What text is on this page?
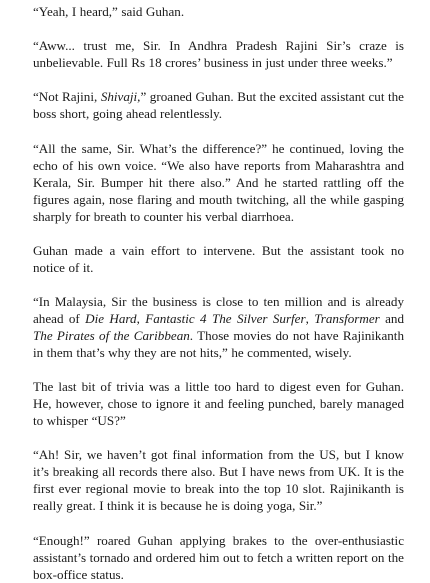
“Yeah, I heard,” said Guhan.

“Aww... trust me, Sir. In Andhra Pradesh Rajini Sir’s craze is unbelievable. Full Rs 18 crores’ business in just under three weeks.”

“Not Rajini, Shivaji,” groaned Guhan. But the excited assistant cut the boss short, going ahead relentlessly.

“All the same, Sir. What’s the difference?” he continued, loving the echo of his own voice. “We also have reports from Maharashtra and Kerala, Sir. Bumper hit there also.” And he started rattling off the figures again, nose flaring and mouth twitching, all the while gasping sharply for breath to counter his verbal diarrhoea.

Guhan made a vain effort to intervene. But the assistant took no notice of it.

“In Malaysia, Sir the business is close to ten million and is already ahead of Die Hard, Fantastic 4 The Silver Surfer, Transformer and The Pirates of the Caribbean. Those movies do not have Rajinikanth in them that’s why they are not hits,” he commented, wisely.

The last bit of trivia was a little too hard to digest even for Guhan. He, however, chose to ignore it and feeling punched, barely managed to whisper “US?”

“Ah! Sir, we haven’t got final information from the US, but I know it’s breaking all records there also. But I have news from UK. It is the first ever regional movie to break into the top 10 slot. Rajinikanth is really great. I think it is because he is doing yoga, Sir.”

“Enough!” roared Guhan applying brakes to the over-enthusiastic assistant’s tornado and ordered him out to fetch a written report on the box-office status.
